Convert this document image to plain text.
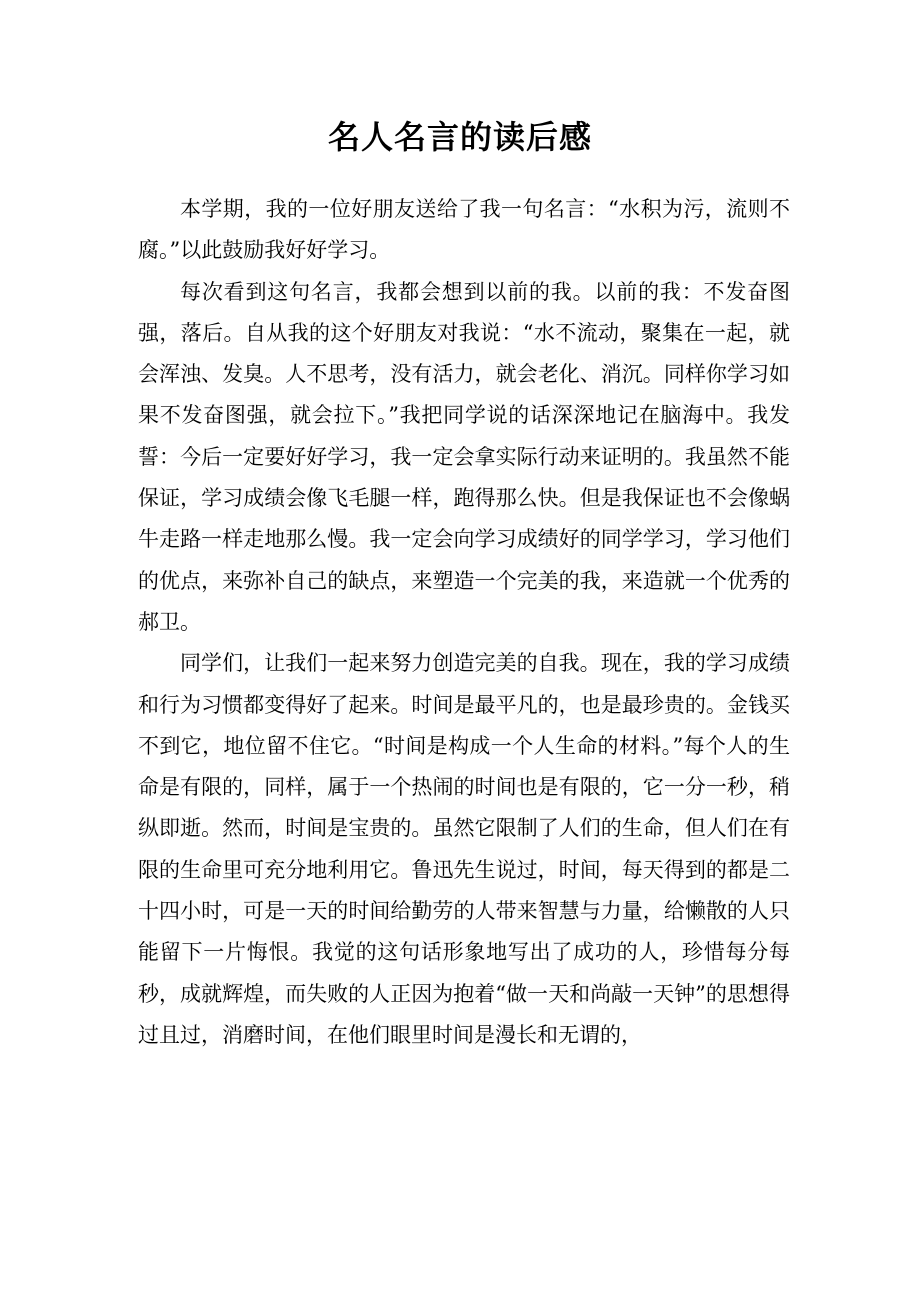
名人名言的读后感

本学期，我的一位好朋友送给了我一句名言：“水积为污，流则不腐。”以此鼓励我好好学习。

每次看到这句名言，我都会想到以前的我。以前的我：不发奋图强，落后。自从我的这个好朋友对我说：“水不流动，聚集在一起，就会浑浊、发臭。人不思考，没有活力，就会老化、消沉。同样你学习如果不发奋图强，就会拉下。”我把同学说的话深深地记在脑海中。我发誓：今后一定要好好学习，我一定会拿实际行动来证明的。我虽然不能保证，学习成绩会像飞毛腿一样，跑得那么快。但是我保证也不会像蜗牛走路一样走地那么慢。我一定会向学习成绩好的同学学习，学习他们的优点，来弥补自己的缺点，来塑造一个完美的我，来造就一个优秀的郝卫。

同学们，让我们一起来努力创造完美的自我。现在，我的学习成绩和行为习惯都变得好了起来。时间是最平凡的，也是最珍贵的。金钱买不到它，地位留不住它。“时间是构成一个人生命的材料。”每个人的生命是有限的，同样，属于一个热闹的时间也是有限的，它一分一秒，稍纵即逝。然而，时间是宝贵的。虽然它限制了人们的生命，但人们在有限的生命里可充分地利用它。鲁迅先生说过，时间，每天得到的都是二十四小时，可是一天的时间给勤劳的人带来智慧与力量，给懒散的人只能留下一片悔恨。我觉的这句话形象地写出了成功的人，珍惜每分每秒，成就辉煌，而失败的人正因为抱着“做一天和尚敲一天钟”的思想得过且过，消磨时间，在他们眼里时间是漫长和无谓的，
